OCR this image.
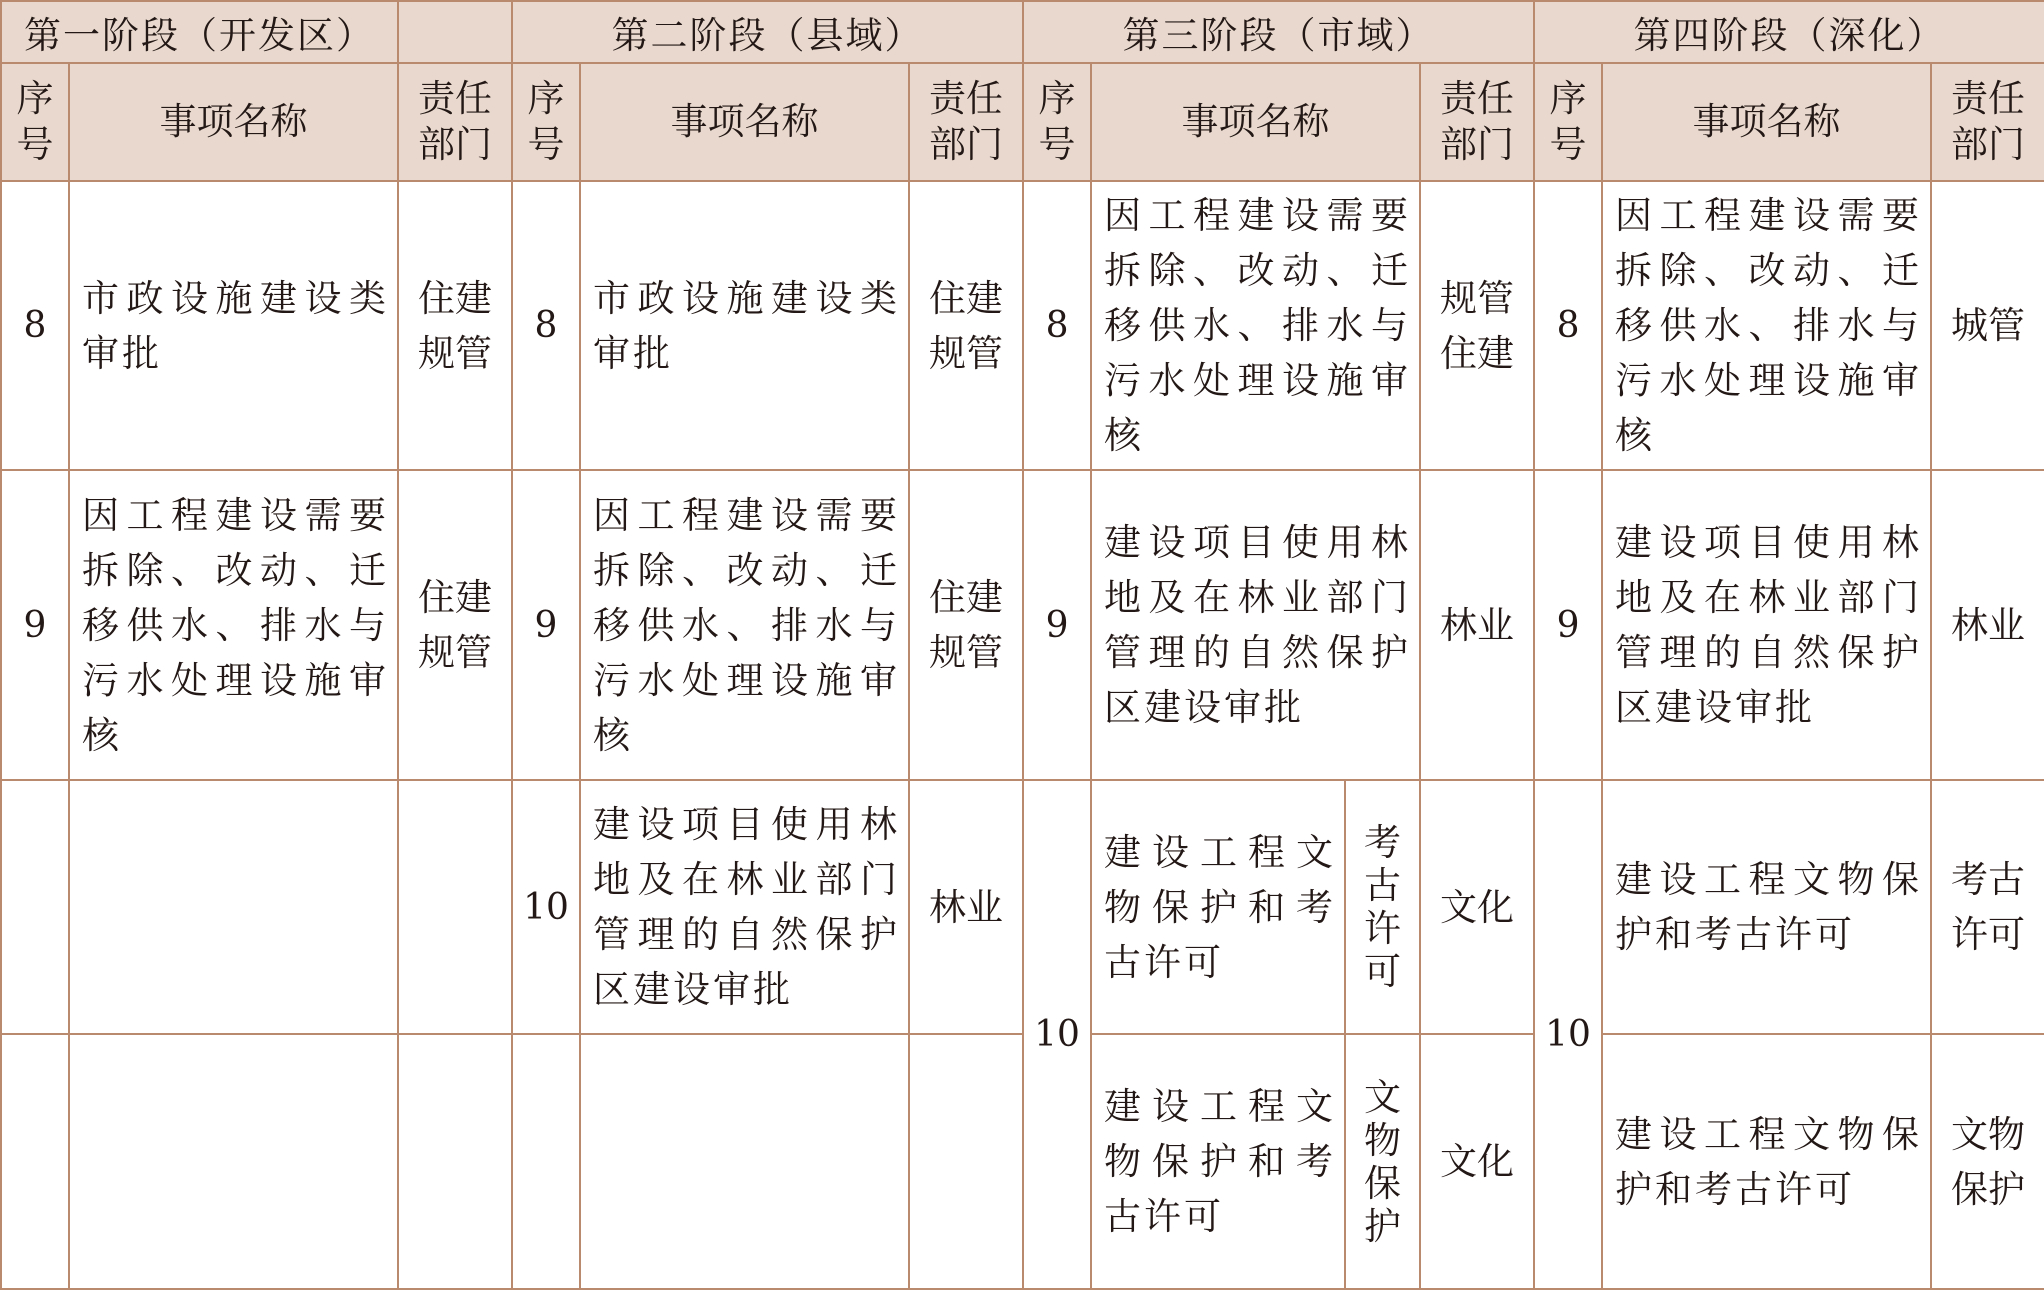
第一阶段（开发区）			第二阶段（县域）			第三阶段（市域）				第四阶段（深化）		
序号	事项名称	责任部门	序号	事项名称	责任部门	序号	事项名称		责任部门	序号	事项名称	责任部门
8	市政设施建设类审批	住建规管	8	市政设施建设类审批	住建规管	8	因工程建设需要拆除、改动、迁移供水、排水与污水处理设施审核		规管住建	8	因工程建设需要拆除、改动、迁移供水、排水与污水处理设施审核	城管
9	因工程建设需要拆除、改动、迁移供水、排水与污水处理设施审核	住建规管	9	因工程建设需要拆除、改动、迁移供水、排水与污水处理设施审核	住建规管	9	建设项目使用林地及在林业部门管理的自然保护区建设审批		林业	9	建设项目使用林地及在林业部门管理的自然保护区建设审批	林业
			10	建设项目使用林地及在林业部门管理的自然保护区建设审批	林业	10	建设工程文物保护和考古许可	考古许可	文化	10	建设工程文物保护和考古许可	考古许可
							建设工程文物保护和考古许可	文物保护	文化		建设工程文物保护和考古许可	文物保护
